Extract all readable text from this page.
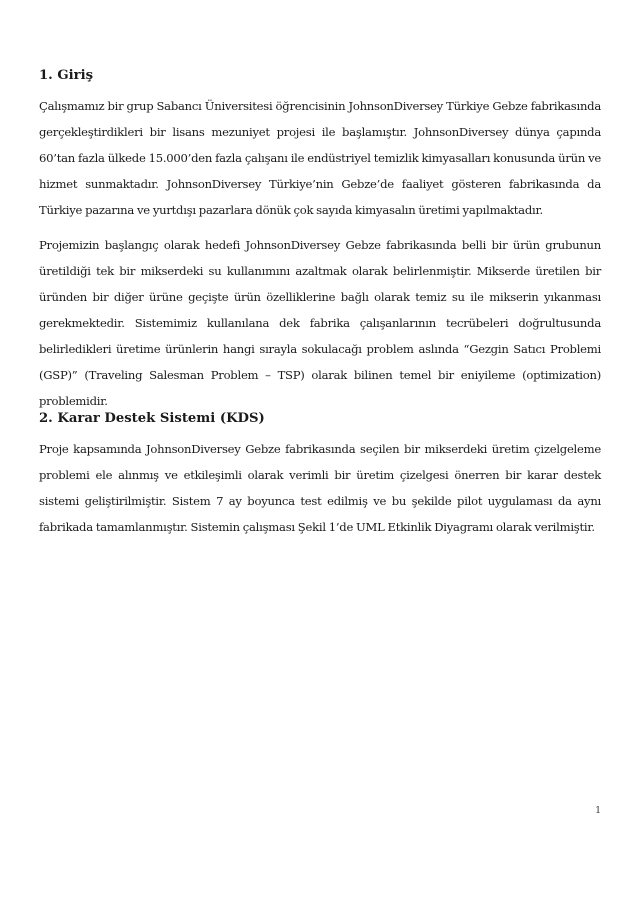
1. Giriş

Çalışmamız bir grup Sabancı Üniversitesi öğrencisinin JohnsonDiversey Türkiye Gebze fabrikasında gerçekleştirdikleri bir lisans mezuniyet projesi ile başlamıştır. JohnsonDiversey dünya çapında 60’tan fazla ülkede 15.000’den fazla çalışanı ile endüstriyel temizlik kimyasalları konusunda ürün ve hizmet sunmaktadır. JohnsonDiversey Türkiye’nin Gebze’de faaliyet gösteren fabrikasında da Türkiye pazarına ve yurtdışı pazarlara dönük çok sayıda kimyasalın üretimi yapılmaktadır.

Projemizin başlangıç olarak hedefi JohnsonDiversey Gebze fabrikasında belli bir ürün grubunun üretildiği tek bir mikserdeki su kullanımını azaltmak olarak belirlenmiştir. Mikserde üretilen bir üründen bir diğer ürüne geçişte ürün özelliklerine bağlı olarak temiz su ile mikserin yıkanması gerekmektedir. Sistemimiz kullanılana dek fabrika çalışanlarının tecrübeleri doğrultusunda belirledikleri üretime ürünlerin hangi sırayla sokulacağı problem aslında “Gezgin Satıcı Problemi (GSP)” (Traveling Salesman Problem – TSP) olarak bilinen temel bir eniyileme (optimization) problemidir.

2. Karar Destek Sistemi (KDS)

Proje kapsamında JohnsonDiversey Gebze fabrikasında seçilen bir mikserdeki üretim çizelgeleme problemi ele alınmış ve etkileşimli olarak verimli bir üretim çizelgesi önerren bir karar destek sistemi geliştirilmiştir. Sistem 7 ay boyunca test edilmiş ve bu şekilde pilot uygulaması da aynı fabrikada tamamlanmıştır. Sistemin çalışması Şekil 1’de UML Etkinlik Diyagramı olarak verilmiştir.

1
